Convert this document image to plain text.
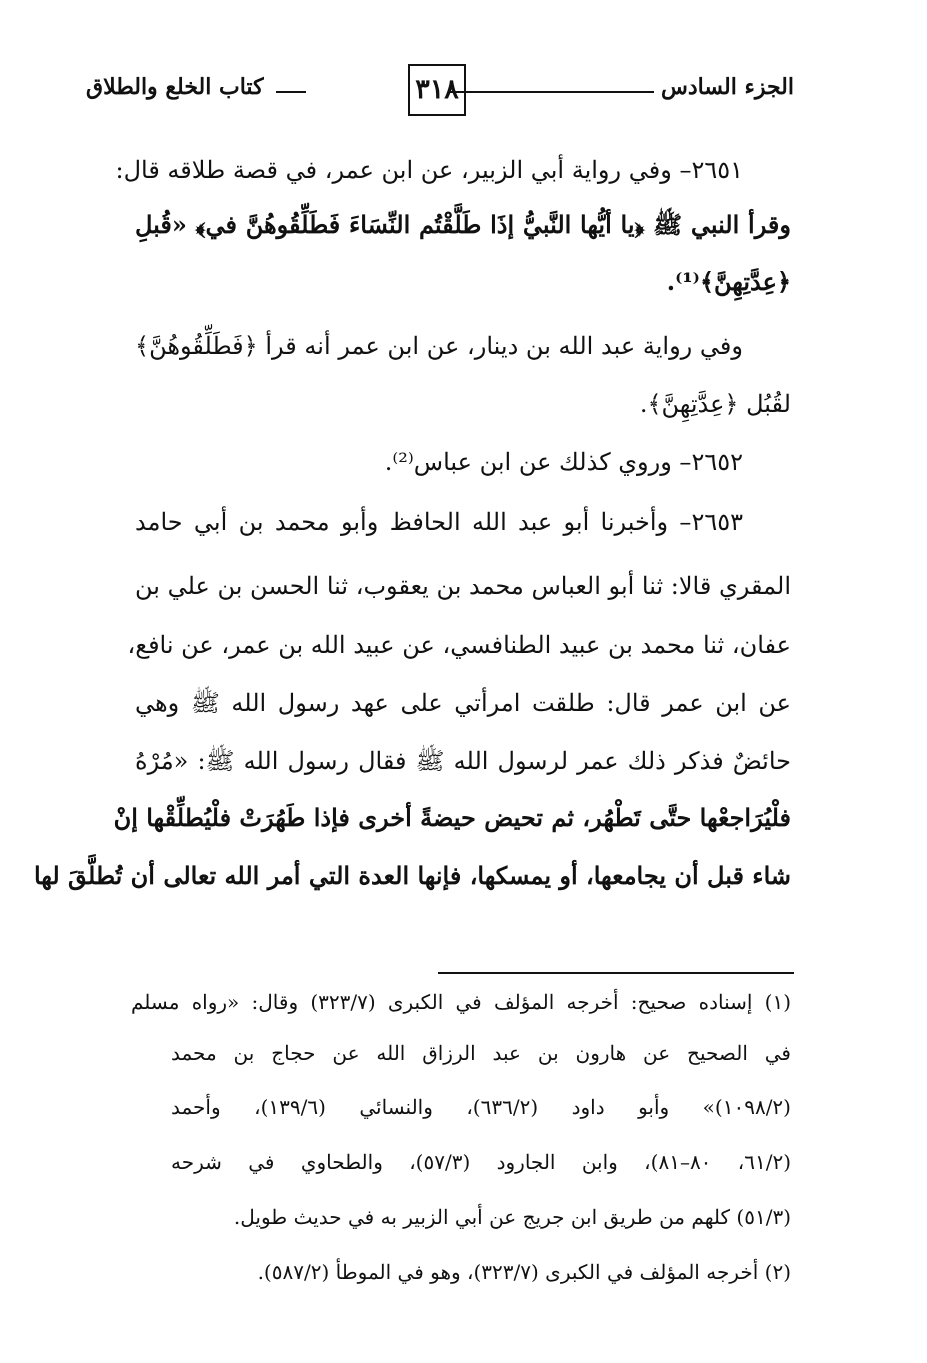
الجزء السادس
٣١٨
كتاب الخلع والطلاق
٢٦٥١– وفي رواية أبي الزبير، عن ابن عمر، في قصة طلاقه قال:
وقرأ النبي ﷺ ﴿يا أيُّها النَّبيُّ إذَا طَلَّقْتُم النِّسَاءَ فَطَلِّقُوهُنَّ في﴾ «قُبلِ
﴿عِدَّتِهِنَّ﴾⁽¹⁾.
وفي رواية عبد الله بن دينار، عن ابن عمر أنه قرأ ﴿فَطَلِّقُوهُنَّ﴾
لقُبُل ﴿عِدَّتِهِنَّ﴾.
٢٦٥٢– وروي كذلك عن ابن عباس⁽²⁾.
٢٦٥٣– وأخبرنا أبو عبد الله الحافظ وأبو محمد بن أبي حامد
المقري قالا: ثنا أبو العباس محمد بن يعقوب، ثنا الحسن بن علي بن
عفان، ثنا محمد بن عبيد الطنافسي، عن عبيد الله بن عمر، عن نافع،
عن ابن عمر قال: طلقت امرأتي على عهد رسول الله ﷺ وهي
حائضٌ فذكر ذلك عمر لرسول الله ﷺ فقال رسول الله ﷺ: «مُرْهُ
فلْيُرَاجعْها حتَّى تَطْهُر، ثم تحيض حيضةً أخرى فإذا طَهُرَتْ فلْيُطلِّقْها إنْ
شاء قبل أن يجامعها، أو يمسكها، فإنها العدة التي أمر الله تعالى أن تُطلَّقَ لها
(١) إسناده صحيح: أخرجه المؤلف في الكبرى (٣٢٣/٧) وقال: «رواه مسلم
في الصحيح عن هارون بن عبد الرزاق الله عن حجاج بن محمد
(١٠٩٨/٢)» وأبو داود (٦٣٦/٢)، والنسائي (١٣٩/٦)، وأحمد
(٦١/٢، ٨٠–٨١)، وابن الجارود (٥٧/٣)، والطحاوي في شرحه
(٥١/٣) كلهم من طريق ابن جريج عن أبي الزبير به في حديث طويل.
(٢) أخرجه المؤلف في الكبرى (٣٢٣/٧)، وهو في الموطأ (٥٨٧/٢).
